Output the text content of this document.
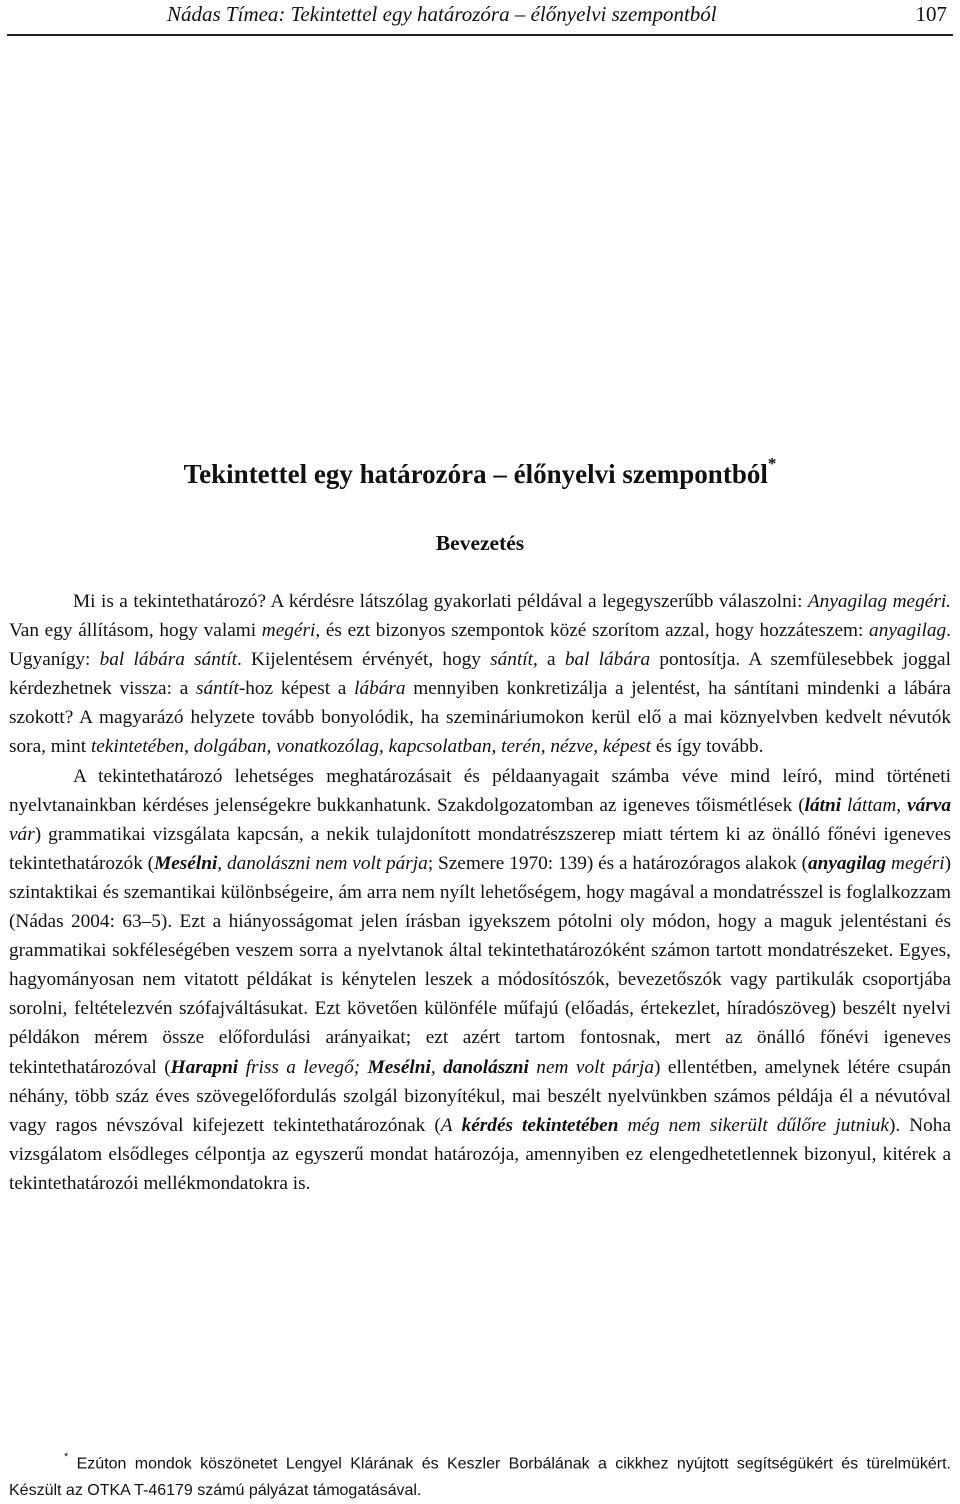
Nádas Tímea: Tekintettel egy határozóra – élőnyelvi szempontból	107
Tekintettel egy határozóra – élőnyelvi szempontból*
Bevezetés

Mi is a tekintethatározó? A kérdésre látszólag gyakorlati példával a legegyszerűbb válaszolni: Anyagilag megéri. Van egy állításom, hogy valami megéri, és ezt bizonyos szempontok közé szorítom azzal, hogy hozzáteszem: anyagilag. Ugyanígy: bal lábára sántít. Kijelentésem érvényét, hogy sántít, a bal lábára pontosítja. A szemfülesebbek joggal kérdezhetnek vissza: a sántít-hoz képest a lábára mennyiben konkretizálja a jelentést, ha sántítani mindenki a lábára szokott? A magyarázó helyzete tovább bonyolódik, ha szemináriumokon kerül elő a mai köznyelvben kedvelt névutók sora, mint tekintetében, dolgában, vonatkozólag, kapcsolatban, terén, nézve, képest és így tovább.

A tekintethatározó lehetséges meghatározásait és példaanyagait számba véve mind leíró, mind történeti nyelvtanainkban kérdéses jelenségekre bukkanhatunk. Szakdolgozatomban az igeneves tőismétlések (látni láttam, várva vár) grammatikai vizsgálata kapcsán, a nekik tulajdonított mondatrészszerep miatt tértem ki az önálló főnévi igeneves tekintethatározók (Mesélni, danolászni nem volt párja; Szemere 1970: 139) és a határozóragos alakok (anyagilag megéri) szintaktikai és szemantikai különbségeire, ám arra nem nyílt lehetőségem, hogy magával a mondatrésszel is foglalkozzam (Nádas 2004: 63–5). Ezt a hiányosságomat jelen írásban igyekszem pótolni oly módon, hogy a maguk jelentéstani és grammatikai sokféleségében veszem sorra a nyelvtanok által tekintethatározóként számon tartott mondatrészeket. Egyes, hagyományosan nem vitatott példákat is kénytelen leszek a módosítószók, bevezetőszók vagy partikulák csoportjába sorolni, feltételezvén szófajváltásukat. Ezt követően különféle műfajú (előadás, értekezlet, híradószöveg) beszélt nyelvi példákon mérem össze előfordulási arányaikat; ezt azért tartom fontosnak, mert az önálló főnévi igeneves tekintethatározóval (Harapni friss a levegő; Mesélni, danolászni nem volt párja) ellentétben, amelynek létére csupán néhány, több száz éves szövegelőfordulás szolgál bizonyítékul, mai beszélt nyelvünkben számos példája él a névutóval vagy ragos névszóval kifejezett tekintethatározónak (A kérdés tekintetében még nem sikerült dűlőre jutniuk). Noha vizsgálatom elsődleges célpontja az egyszerű mondat határozója, amennyiben ez elengedhetetlennek bizonyul, kitérek a tekintethatározói mellékmondatokra is.

* Ezúton mondok köszönetet Lengyel Klárának és Keszler Borbálának a cikkhez nyújtott segítségükért és türelmükért. Készült az OTKA T-46179 számú pályázat támogatásával.
